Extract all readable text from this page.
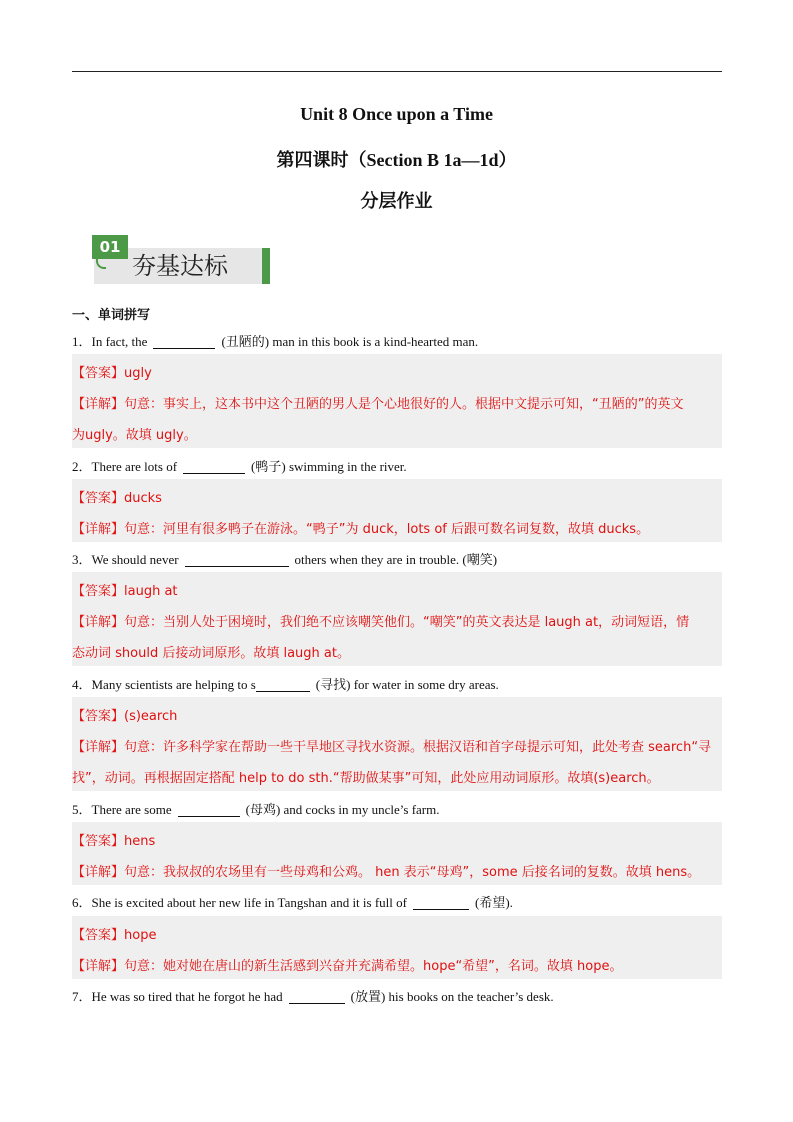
Unit 8 Once upon a Time
第四课时（Section B 1a—1d）
分层作业
01
夯基达标
一、单词拼写
1．In fact, the	(丑陋的) man in this book is a kind-hearted man.
【答案】ugly
【详解】句意：事实上，这本书中这个丑陋的男人是个心地很好的人。根据中文提示可知，“丑陋的”的英文
为ugly。故填 ugly。
2．There are lots of	(鸭子) swimming in the river.
【答案】ducks
【详解】句意：河里有很多鸭子在游泳。“鸭子”为 duck，lots of 后跟可数名词复数，故填 ducks。
3．We should never	others when they are in trouble. (嘲笑)
【答案】laugh at
【详解】句意：当别人处于困境时，我们绝不应该嘲笑他们。“嘲笑”的英文表达是 laugh at，动词短语，情
态动词 should 后接动词原形。故填 laugh at。
4．Many scientists are helping to s	(寻找) for water in some dry areas.
【答案】(s)earch
【详解】句意：许多科学家在帮助一些干旱地区寻找水资源。根据汉语和首字母提示可知，此处考查 search“寻
找”，动词。再根据固定搭配 help to do sth.“帮助做某事”可知，此处应用动词原形。故填(s)earch。
5．There are some	(母鸡) and cocks in my uncle’s farm.
【答案】hens
【详解】句意：我叔叔的农场里有一些母鸡和公鸡。 hen 表示“母鸡”，some 后接名词的复数。故填 hens。
6．She is excited about her new life in Tangshan and it is full of	(希望).
【答案】hope
【详解】句意：她对她在唐山的新生活感到兴奋并充满希望。hope“希望”，名词。故填 hope。
7．He was so tired that he forgot he had	(放置) his books on the teacher’s desk.
